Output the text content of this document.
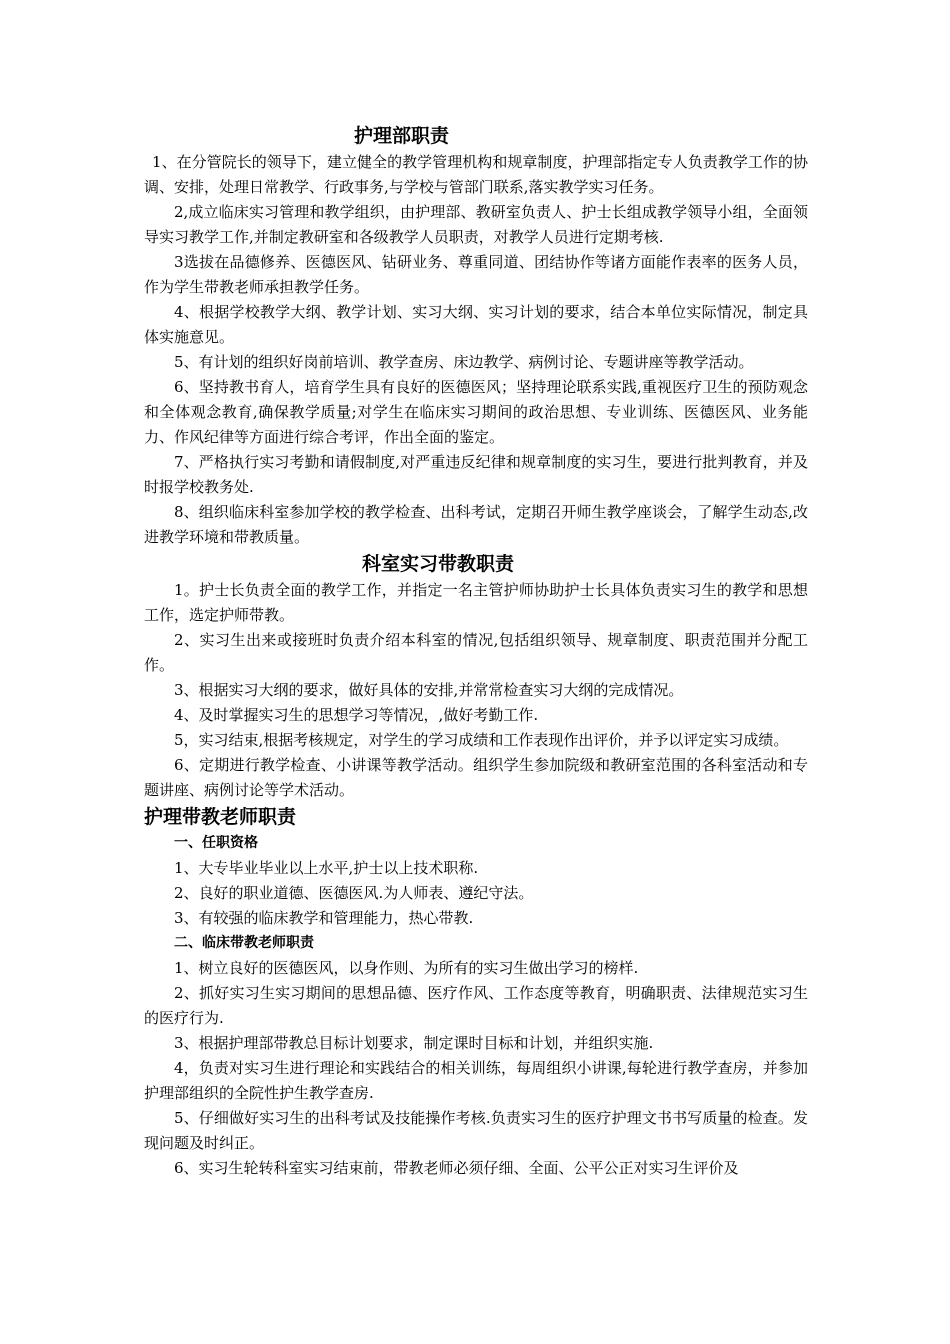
护理部职责

1、在分管院长的领导下，建立健全的教学管理机构和规章制度，护理部指定专人负责教学工作的协调、安排，处理日常教学、行政事务,与学校与管部门联系,落实教学实习任务。

2,成立临床实习管理和教学组织，由护理部、教研室负责人、护士长组成教学领导小组，全面领导实习教学工作,并制定教研室和各级教学人员职责，对教学人员进行定期考核.

3选拔在品德修养、医德医风、钻研业务、尊重同道、团结协作等诸方面能作表率的医务人员，作为学生带教老师承担教学任务。

4、根据学校教学大纲、教学计划、实习大纲、实习计划的要求，结合本单位实际情况，制定具体实施意见。

5、有计划的组织好岗前培训、教学查房、床边教学、病例讨论、专题讲座等教学活动。

6、坚持教书育人，培育学生具有良好的医德医风；坚持理论联系实践,重视医疗卫生的预防观念和全体观念教育,确保教学质量;对学生在临床实习期间的政治思想、专业训练、医德医风、业务能力、作风纪律等方面进行综合考评，作出全面的鉴定。

7、严格执行实习考勤和请假制度,对严重违反纪律和规章制度的实习生，要进行批判教育，并及时报学校教务处.

8、组织临床科室参加学校的教学检查、出科考试，定期召开师生教学座谈会，了解学生动态,改进教学环境和带教质量。

科室实习带教职责

1。护士长负责全面的教学工作，并指定一名主管护师协助护士长具体负责实习生的教学和思想工作，选定护师带教。

2、实习生出来或接班时负责介绍本科室的情况,包括组织领导、规章制度、职责范围并分配工作。

3、根据实习大纲的要求，做好具体的安排,并常常检查实习大纲的完成情况。

4、及时掌握实习生的思想学习等情况，,做好考勤工作.

5，实习结束,根据考核规定，对学生的学习成绩和工作表现作出评价，并予以评定实习成绩。

6、定期进行教学检查、小讲课等教学活动。组织学生参加院级和教研室范围的各科室活动和专题讲座、病例讨论等学术活动。

护理带教老师职责

一、任职资格

1、大专毕业毕业以上水平,护士以上技术职称.

2、良好的职业道德、医德医风.为人师表、遵纪守法。

3、有较强的临床教学和管理能力，热心带教.

二、临床带教老师职责

1、树立良好的医德医风，以身作则、为所有的实习生做出学习的榜样.

2、抓好实习生实习期间的思想品德、医疗作风、工作态度等教育，明确职责、法律规范实习生的医疗行为.

3、根据护理部带教总目标计划要求，制定课时目标和计划，并组织实施.

4，负责对实习生进行理论和实践结合的相关训练，每周组织小讲课,每轮进行教学查房，并参加护理部组织的全院性护生教学查房.

5、仔细做好实习生的出科考试及技能操作考核.负责实习生的医疗护理文书书写质量的检查。发现问题及时纠正。

6、实习生轮转科室实习结束前，带教老师必须仔细、全面、公平公正对实习生评价及
